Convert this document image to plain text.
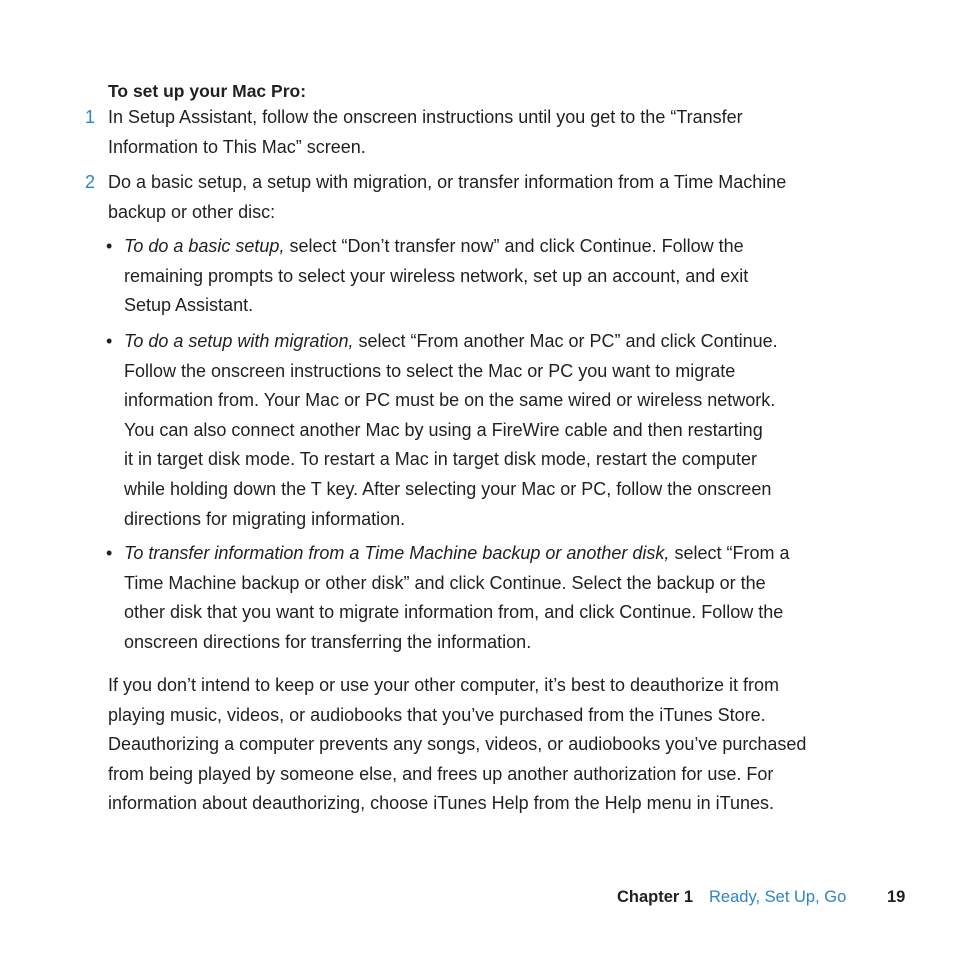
To set up your Mac Pro:
1 In Setup Assistant, follow the onscreen instructions until you get to the “Transfer
Information to This Mac” screen.
2 Do a basic setup, a setup with migration, or transfer information from a Time Machine
backup or other disc:
• To do a basic setup, select “Don’t transfer now” and click Continue. Follow the
remaining prompts to select your wireless network, set up an account, and exit
Setup Assistant.
• To do a setup with migration, select “From another Mac or PC” and click Continue.
Follow the onscreen instructions to select the Mac or PC you want to migrate
information from. Your Mac or PC must be on the same wired or wireless network.
You can also connect another Mac by using a FireWire cable and then restarting
it in target disk mode. To restart a Mac in target disk mode, restart the computer
while holding down the T key. After selecting your Mac or PC, follow the onscreen
directions for migrating information.
• To transfer information from a Time Machine backup or another disk, select “From a
Time Machine backup or other disk” and click Continue. Select the backup or the
other disk that you want to migrate information from, and click Continue. Follow the
onscreen directions for transferring the information.
If you don’t intend to keep or use your other computer, it’s best to deauthorize it from
playing music, videos, or audiobooks that you’ve purchased from the iTunes Store.
Deauthorizing a computer prevents any songs, videos, or audiobooks you’ve purchased
from being played by someone else, and frees up another authorization for use. For
information about deauthorizing, choose iTunes Help from the Help menu in iTunes.
Chapter 1 Ready, Set Up, Go 19
